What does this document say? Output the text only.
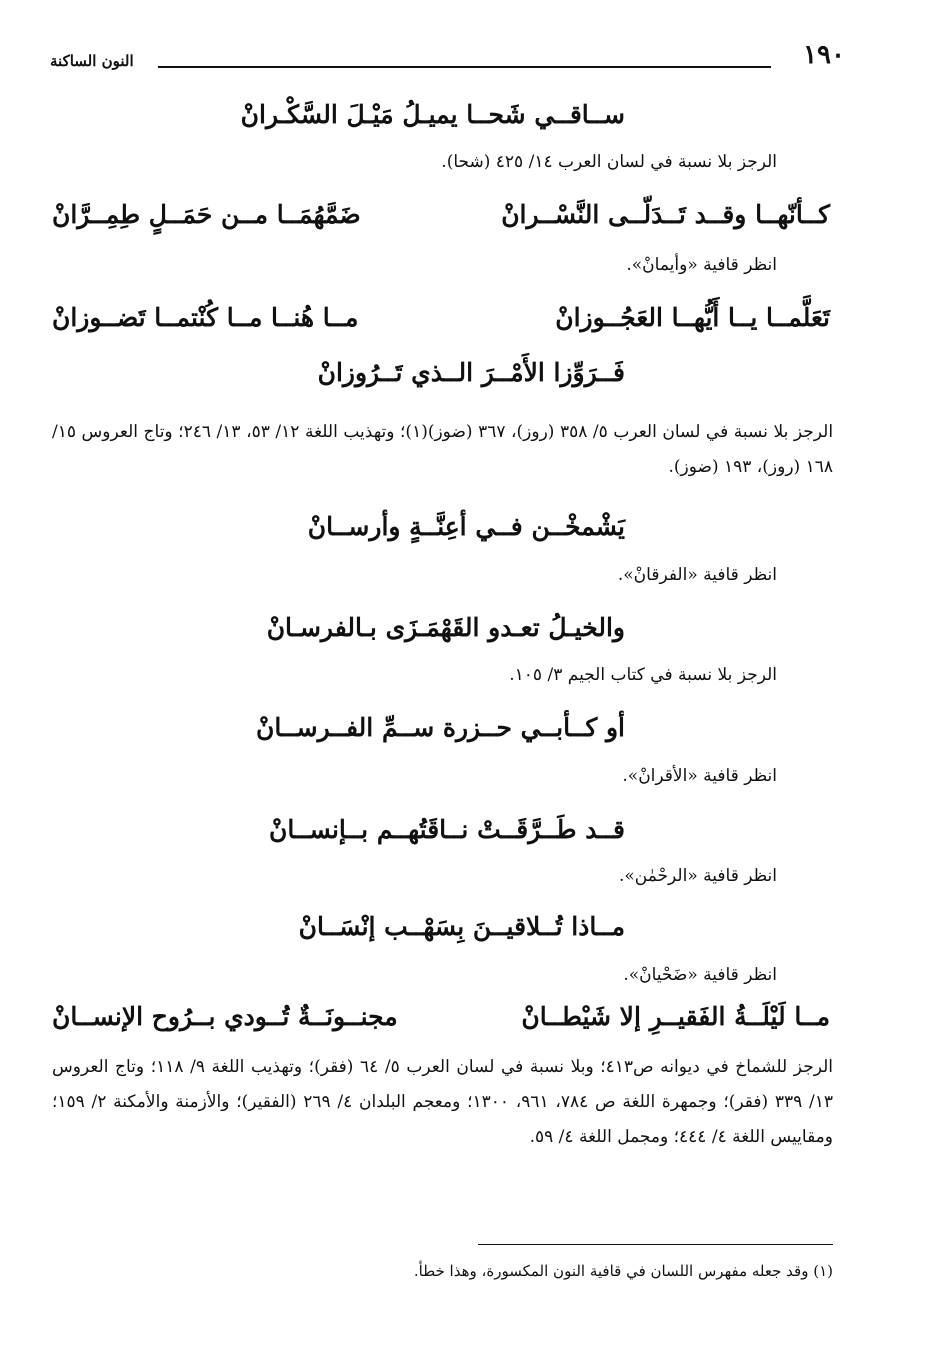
١٩٠
النون الساكنة
ســاقــي شَحــا يميـلُ مَيْـلَ السَّكْـرانْ
الرجز بلا نسبة في لسان العرب ١٤/ ٤٢٥ (شحا).
كــأنّهــا وقــد تَــدَلّــى النَّسْــرانْ
ضَمَّهُمَــا مــن حَمَــلٍ طِمِــرَّانْ
انظر قافية «وأيمانْ».
تَعَلَّمــا يــا أَيُّهــا العَجُــوزانْ
مــا هُنــا مــا كُنْتمــا تَضــوزانْ
فَــرَوِّزا الأَمْــرَ الــذي تَــرُوزانْ
الرجز بلا نسبة في لسان العرب ٥/ ٣٥٨ (روز)، ٣٦٧ (ضوز)(١)؛ وتهذيب اللغة ١٢/ ٥٣، ١٣/ ٢٤٦؛ وتاج العروس ١٥/ ١٦٨ (روز)، ١٩٣ (ضوز).
يَشْمخْــن فــي أعِنَّــةٍ وأرســانْ
انظر قافية «الفرقانْ».
والخيـلُ تعـدو القَهْمَـزَى بـالفرسـانْ
الرجز بلا نسبة في كتاب الجيم ٣/ ١٠٥.
أو كــأبــي حــزرة ســمِّ الفــرســانْ
انظر قافية «الأقرانْ».
قــد طَــرَّقَــتْ نــاقَتُهــم بــإنســانْ
انظر قافية «الرحْمٰن».
مــاذا تُــلاقيــنَ بِسَهْــب إنْسَــانْ
انظر قافية «ضَحْيانْ».
مــا لَيْلَــةُ الفَقيــرِ إلا شَيْطــانْ
مجنــونَــةٌ تُــودي بــرُوح الإنســانْ
الرجز للشماخ في ديوانه ص٤١٣؛ وبلا نسبة في لسان العرب ٥/ ٦٤ (فقر)؛ وتهذيب اللغة ٩/ ١١٨؛ وتاج العروس ١٣/ ٣٣٩ (فقر)؛ وجمهرة اللغة ص ٧٨٤، ٩٦١، ١٣٠٠؛ ومعجم البلدان ٤/ ٢٦٩ (الفقير)؛ والأزمنة والأمكنة ٢/ ١٥٩؛ ومقاييس اللغة ٤/ ٤٤٤؛ ومجمل اللغة ٤/ ٥٩.
(١) وقد جعله مفهرس اللسان في قافية النون المكسورة، وهذا خطأ.
